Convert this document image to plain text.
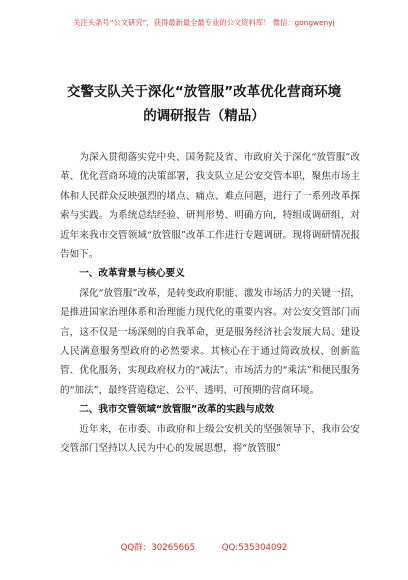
关注头条号“公文研究”，获得最新最全最专业的公文资料库！ 微信：gongwenyj
交警支队关于深化“放管服”改革优化营商环境
的调研报告（精品）

为深入贯彻落实党中央、国务院及省、市政府关于深化“放管服”改革、优化营商环境的决策部署，我支队立足公安交管本职，聚焦市场主体和人民群众反映强烈的堵点、痛点、难点问题，进行了一系列改革探索与实践。为系统总结经验、研判形势、明确方向，特组成调研组，对近年来我市交管领域“放管服”改革工作进行专题调研。现将调研情况报告如下。

一、改革背景与核心要义

深化“放管服”改革，是转变政府职能、激发市场活力的关键一招，是推进国家治理体系和治理能力现代化的重要内容。对公安交管部门而言，这不仅是一场深刻的自我革命，更是服务经济社会发展大局、建设人民满意服务型政府的必然要求。其核心在于通过简政放权、创新监管、优化服务，实现政府权力的“减法”、市场活力的“乘法”和便民服务的“加法”，最终营造稳定、公平、透明、可预期的营商环境。

二、我市交管领域“放管服”改革的实践与成效

近年来，在市委、市政府和上级公安机关的坚强领导下，我市公安交管部门坚持以人民为中心的发展思想，将“放管服”

QQ群：30265665	QQ:535304092
